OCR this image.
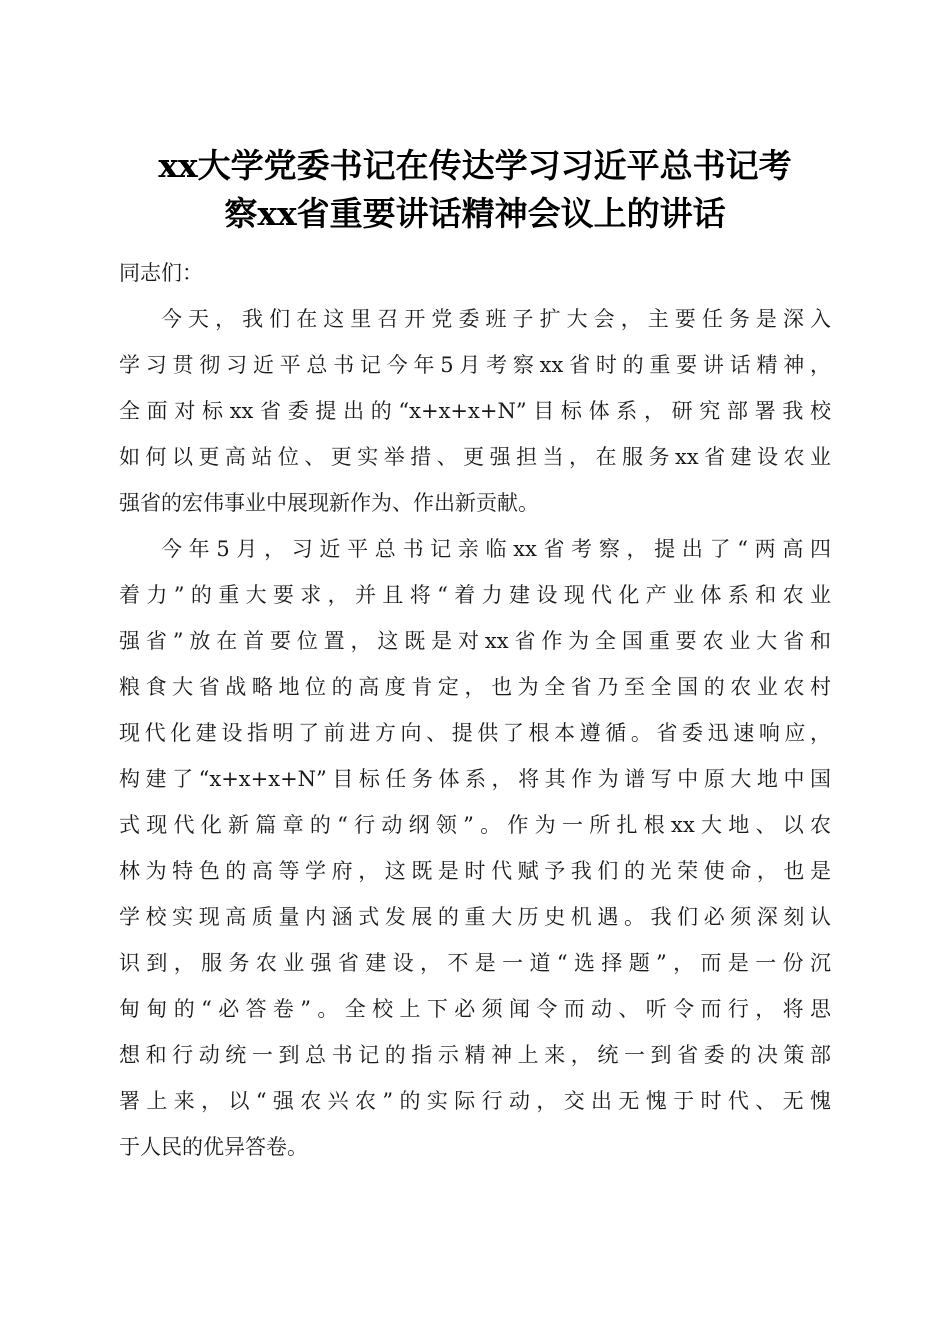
xx大学党委书记在传达学习习近平总书记考
察xx省重要讲话精神会议上的讲话

同志们：

今天，我们在这里召开党委班子扩大会，主要任务是深入
学习贯彻习近平总书记今年5月考察xx省时的重要讲话精神，
全面对标xx省委提出的“x+x+x+N”目标体系，研究部署我校
如何以更高站位、更实举措、更强担当，在服务xx省建设农业
强省的宏伟事业中展现新作为、作出新贡献。
今年5月，习近平总书记亲临xx省考察，提出了“两高四
着力”的重大要求，并且将“着力建设现代化产业体系和农业
强省”放在首要位置，这既是对xx省作为全国重要农业大省和
粮食大省战略地位的高度肯定，也为全省乃至全国的农业农村
现代化建设指明了前进方向、提供了根本遵循。省委迅速响应，
构建了“x+x+x+N”目标任务体系，将其作为谱写中原大地中国
式现代化新篇章的“行动纲领”。作为一所扎根xx大地、以农
林为特色的高等学府，这既是时代赋予我们的光荣使命，也是
学校实现高质量内涵式发展的重大历史机遇。我们必须深刻认
识到，服务农业强省建设，不是一道“选择题”，而是一份沉
甸甸的“必答卷”。全校上下必须闻令而动、听令而行，将思
想和行动统一到总书记的指示精神上来，统一到省委的决策部
署上来，以“强农兴农”的实际行动，交出无愧于时代、无愧
于人民的优异答卷。
